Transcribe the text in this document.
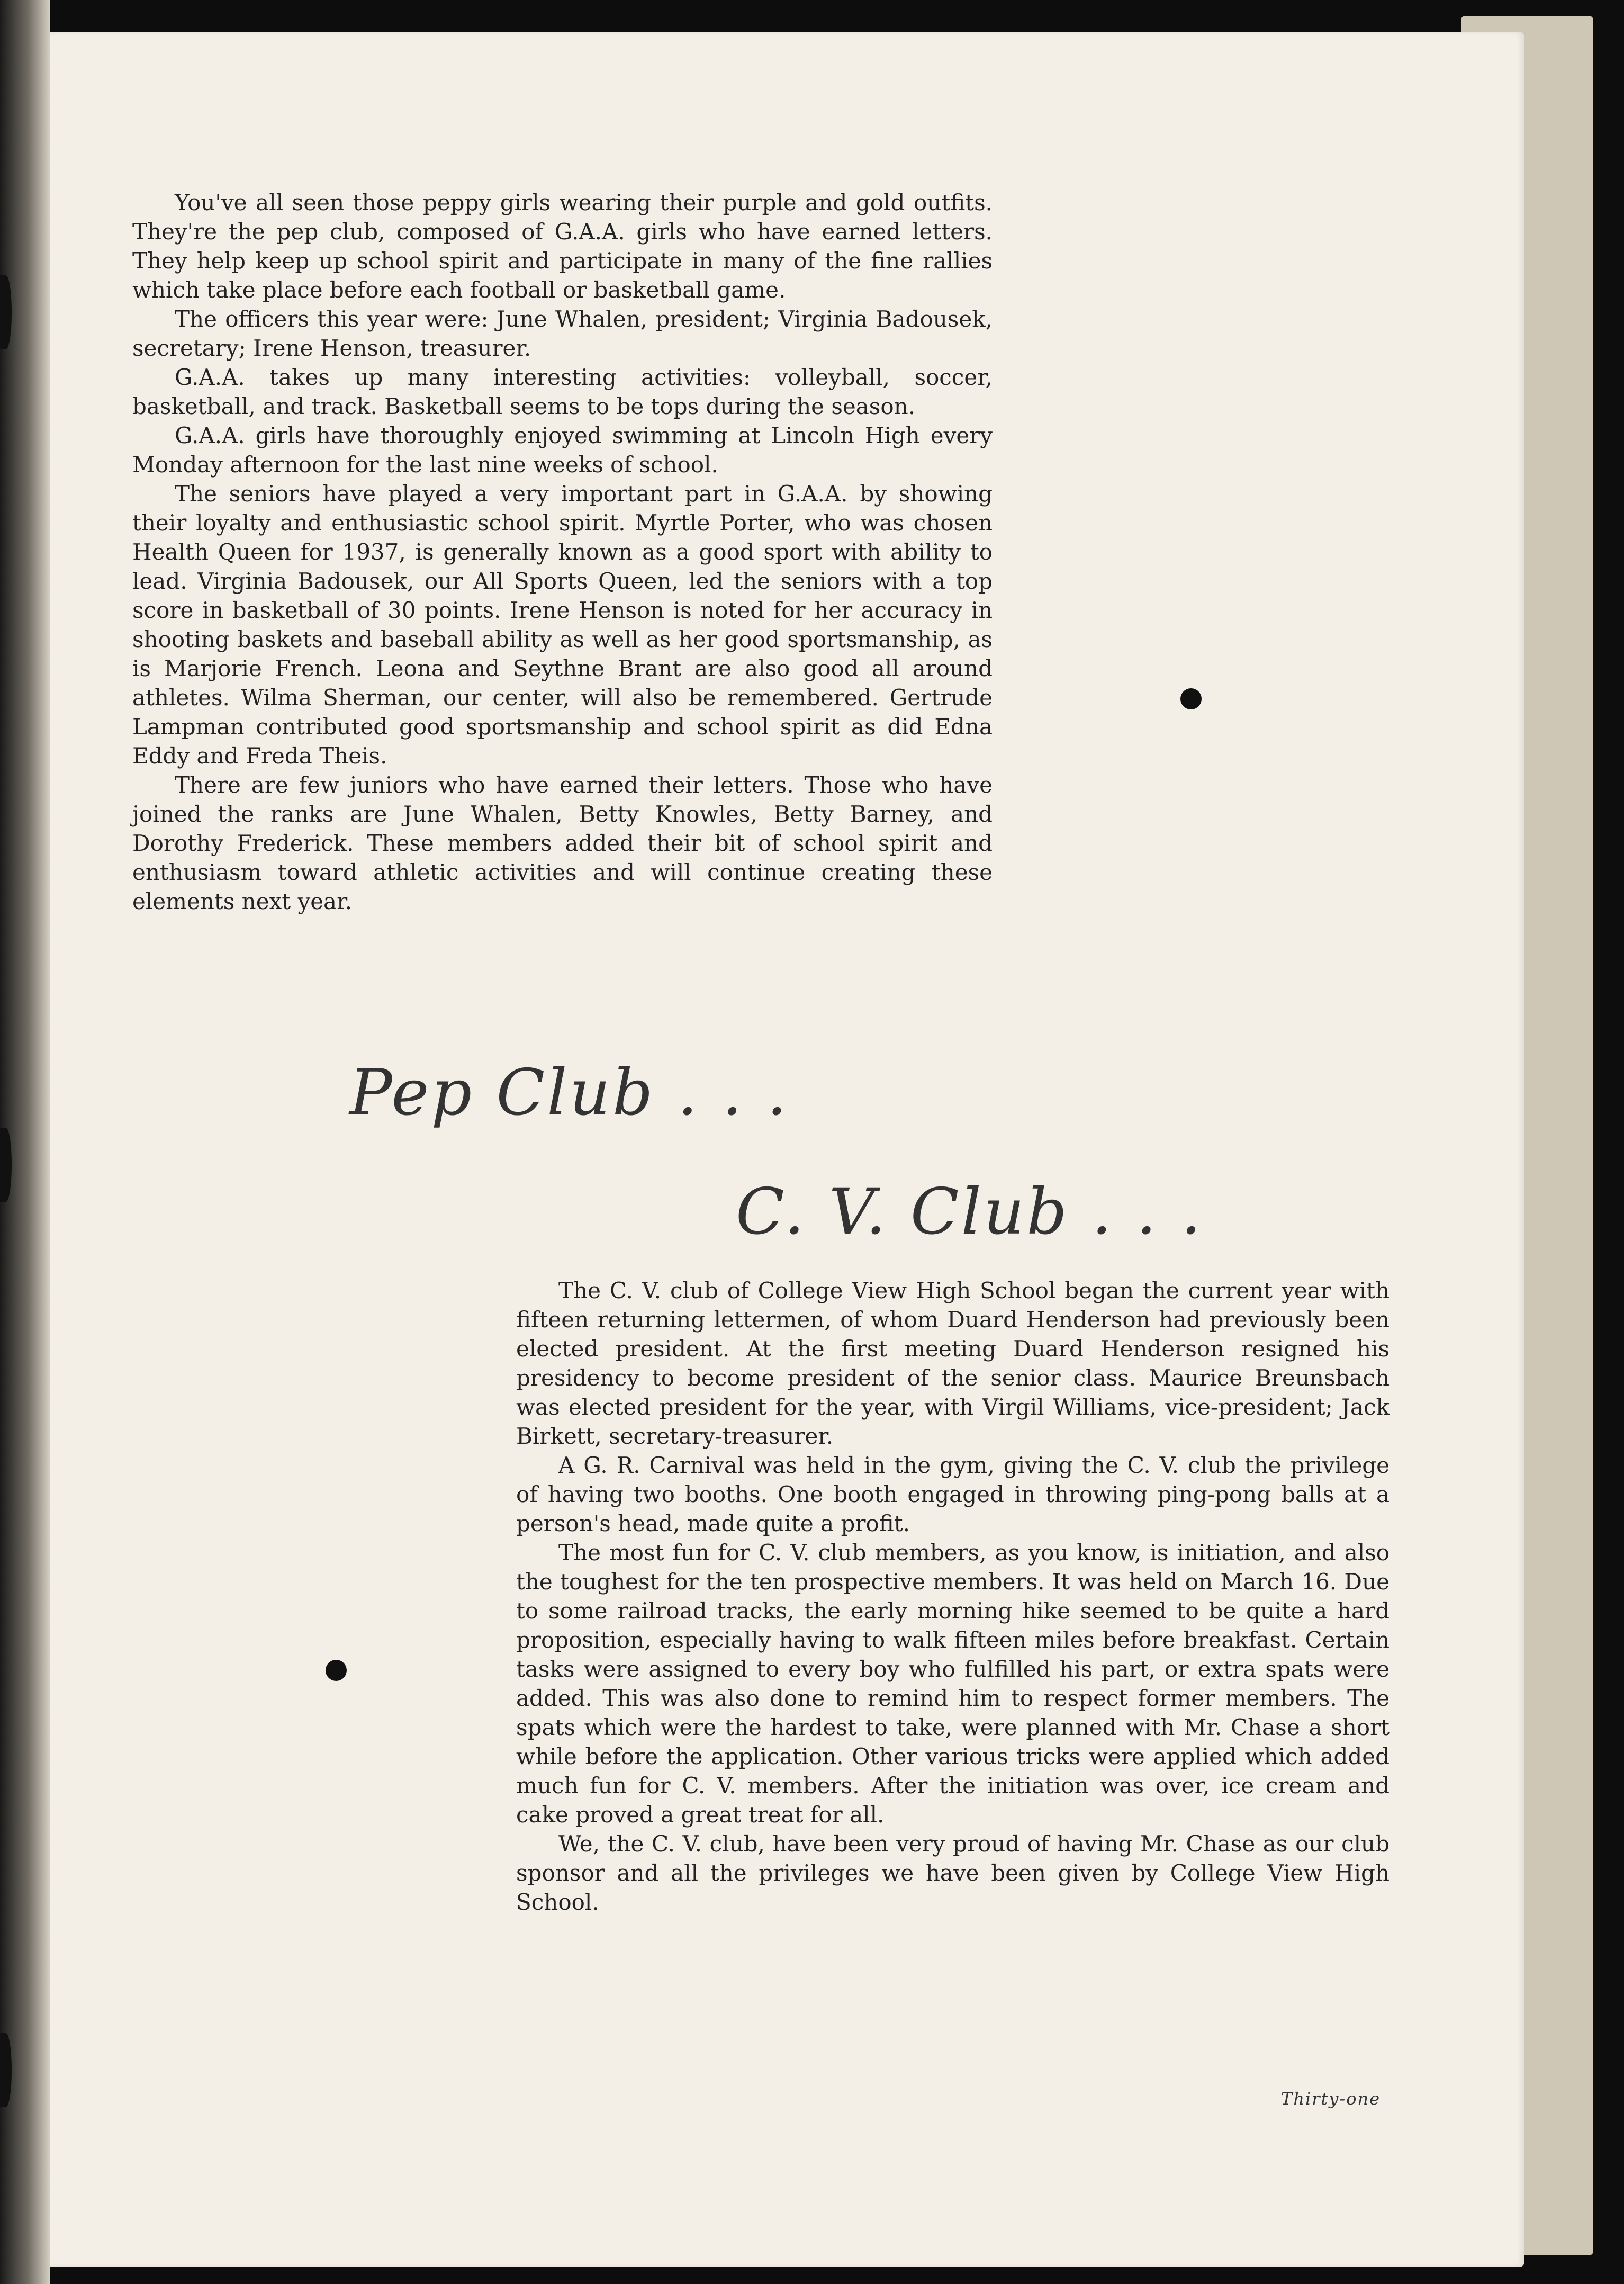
You've all seen those peppy girls wearing their purple and gold outfits. They're the pep club, composed of G.A.A. girls who have earned letters. They help keep up school spirit and participate in many of the fine rallies which take place before each football or basketball game.

The officers this year were: June Whalen, president; Virginia Badousek, secretary; Irene Henson, treasurer.

G.A.A. takes up many interesting activities: volleyball, soccer, basketball, and track. Basketball seems to be tops during the season.

G.A.A. girls have thoroughly enjoyed swimming at Lincoln High every Monday afternoon for the last nine weeks of school.

The seniors have played a very important part in G.A.A. by showing their loyalty and enthusiastic school spirit. Myrtle Porter, who was chosen Health Queen for 1937, is generally known as a good sport with ability to lead. Virginia Badousek, our All Sports Queen, led the seniors with a top score in basketball of 30 points. Irene Henson is noted for her accuracy in shooting baskets and baseball ability as well as her good sportsmanship, as is Marjorie French. Leona and Seythne Brant are also good all around athletes. Wilma Sherman, our center, will also be remembered. Gertrude Lampman contributed good sportsmanship and school spirit as did Edna Eddy and Freda Theis.

There are few juniors who have earned their letters. Those who have joined the ranks are June Whalen, Betty Knowles, Betty Barney, and Dorothy Frederick. These members added their bit of school spirit and enthusiasm toward athletic activities and will continue creating these elements next year.

Pep Club . . .
C. V. Club . . .

The C. V. club of College View High School began the current year with fifteen returning lettermen, of whom Duard Henderson had previously been elected president. At the first meeting Duard Henderson resigned his presidency to become president of the senior class. Maurice Breunsbach was elected president for the year, with Virgil Williams, vice-president; Jack Birkett, secretary-treasurer.

A G. R. Carnival was held in the gym, giving the C. V. club the privilege of having two booths. One booth engaged in throwing ping-pong balls at a person's head, made quite a profit.

The most fun for C. V. club members, as you know, is initiation, and also the toughest for the ten prospective members. It was held on March 16. Due to some railroad tracks, the early morning hike seemed to be quite a hard proposition, especially having to walk fifteen miles before breakfast. Certain tasks were assigned to every boy who fulfilled his part, or extra spats were added. This was also done to remind him to respect former members. The spats which were the hardest to take, were planned with Mr. Chase a short while before the application. Other various tricks were applied which added much fun for C. V. members. After the initiation was over, ice cream and cake proved a great treat for all.

We, the C. V. club, have been very proud of having Mr. Chase as our club sponsor and all the privileges we have been given by College View High School.

Thirty-one
